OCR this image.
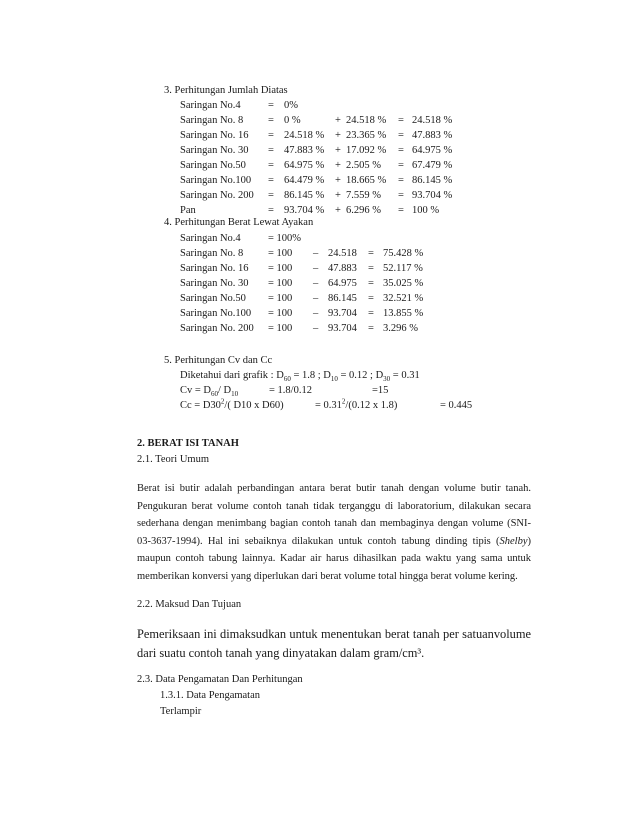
3. Perhitungan Jumlah Diatas
Saringan No.4	= 0%
Saringan No. 8 = 0 %	+ 24.518 % = 24.518 %
Saringan No. 16 = 24.518 % + 23.365 % = 47.883 %
Saringan No. 30 = 47.883 % + 17.092 % = 64.975 %
Saringan No.50 = 64.975 % + 2.505 % = 67.479 %
Saringan No.100 = 64.479 % + 18.665 % = 86.145 %
Saringan No. 200 = 86.145 % + 7.559 % = 93.704 %
Pan	= 93.704 % + 6.296 % = 100 %
4. Perhitungan Berat Lewat Ayakan
Saringan No.4	= 100%
Saringan No. 8 = 100 – 24.518 = 75.428 %
Saringan No. 16 = 100 – 47.883 = 52.117 %
Saringan No. 30 = 100 – 64.975 = 35.025 %
Saringan No.50 = 100 – 86.145 = 32.521 %
Saringan No.100 = 100 – 93.704 = 13.855 %
Saringan No. 200 = 100 – 93.704 = 3.296 %
5. Perhitungan Cv dan Cc
Diketahui dari grafik : $D_{60} = 1.8$ ; $D_{10} = 0.12$ ; $D_{30} = 0.31$
$Cv = D_{60}/$ $D_{10}$	= 1.8/0.12	=15
$Cc = D30^2/$( D10 x D60)	= $0.31^2/(0.12$ x 1.8)	= 0.445
2. BERAT ISI TANAH
2.1. Teori Umum
Berat isi butir adalah perbandingan antara berat butir tanah dengan volume butir tanah. Pengukuran berat volume contoh tanah tidak terganggu di laboratorium, dilakukan secara sederhana dengan menimbang bagian contoh tanah dan membaginya dengan volume (SNI- 03-3637-1994). Hal ini sebaiknya dilakukan untuk contoh tabung dinding tipis (Shelby) maupun contoh tabung lainnya. Kadar air harus dihasilkan pada waktu yang sama untuk memberikan konversi yang diperlukan dari berat volume total hingga berat volume kering.
2.2. Maksud Dan Tujuan
Pemeriksaan ini dimaksudkan untuk menentukan berat tanah per satuanvolume dari suatu contoh tanah yang dinyatakan dalam gram/cm³.
2.3. Data Pengamatan Dan Perhitungan
1.3.1. Data Pengamatan
Terlampir
